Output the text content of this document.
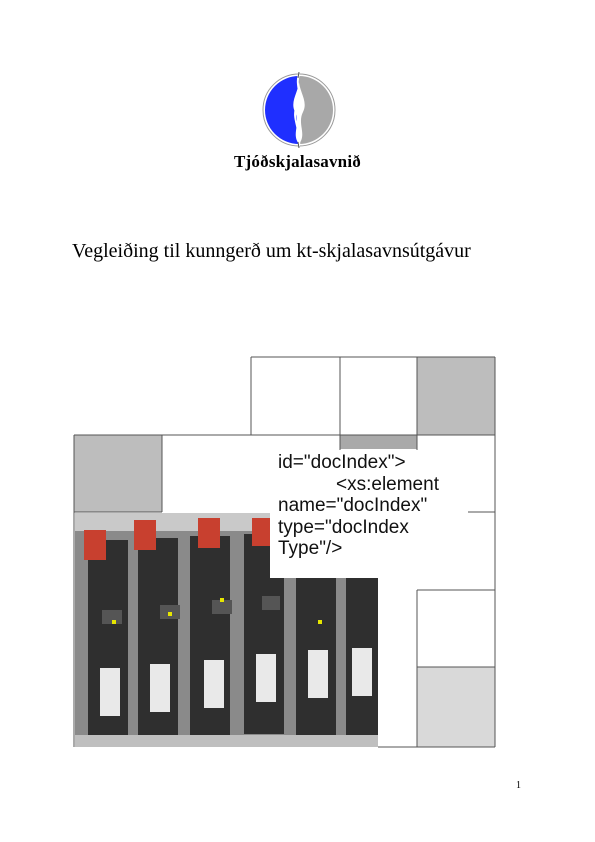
Tjóðskjalasavnið
Vegleiðing til kunngerð um kt-skjalasavnsútgávur
id="docIndex">
<xs:element
name="docIndex"
type="docIndex
Type"/>
1
